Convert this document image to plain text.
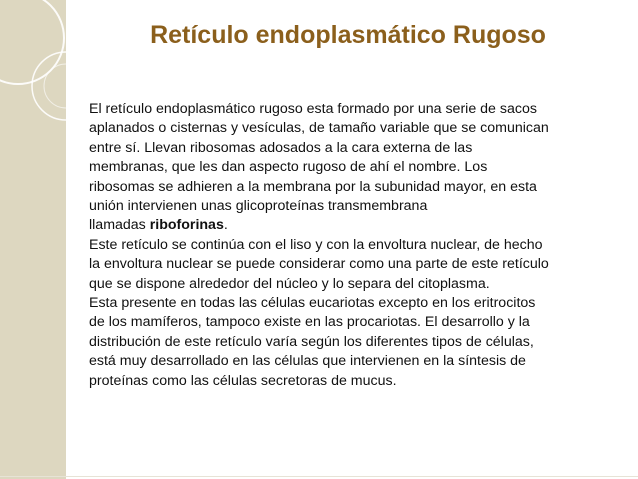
Retículo endoplasmático Rugoso
El retículo endoplasmático rugoso esta formado por una serie de sacos
aplanados o cisternas y vesículas, de tamaño variable que se comunican
entre sí. Llevan ribosomas adosados a la cara externa de las
membranas, que les dan aspecto rugoso de ahí el nombre. Los
ribosomas se adhieren a la membrana por la subunidad mayor, en esta
unión intervienen unas glicoproteínas transmembrana
llamadas riboforinas.
Este retículo se continúa con el liso y con la envoltura nuclear, de hecho
la envoltura nuclear se puede considerar como una parte de este retículo
que se dispone alrededor del núcleo y lo separa del citoplasma.
Esta presente en todas las células eucariotas excepto en los eritrocitos
de los mamíferos, tampoco existe en las procariotas. El desarrollo y la
distribución de este retículo varía según los diferentes tipos de células,
está muy desarrollado en las células que intervienen en la síntesis de
proteínas como las células secretoras de mucus.
